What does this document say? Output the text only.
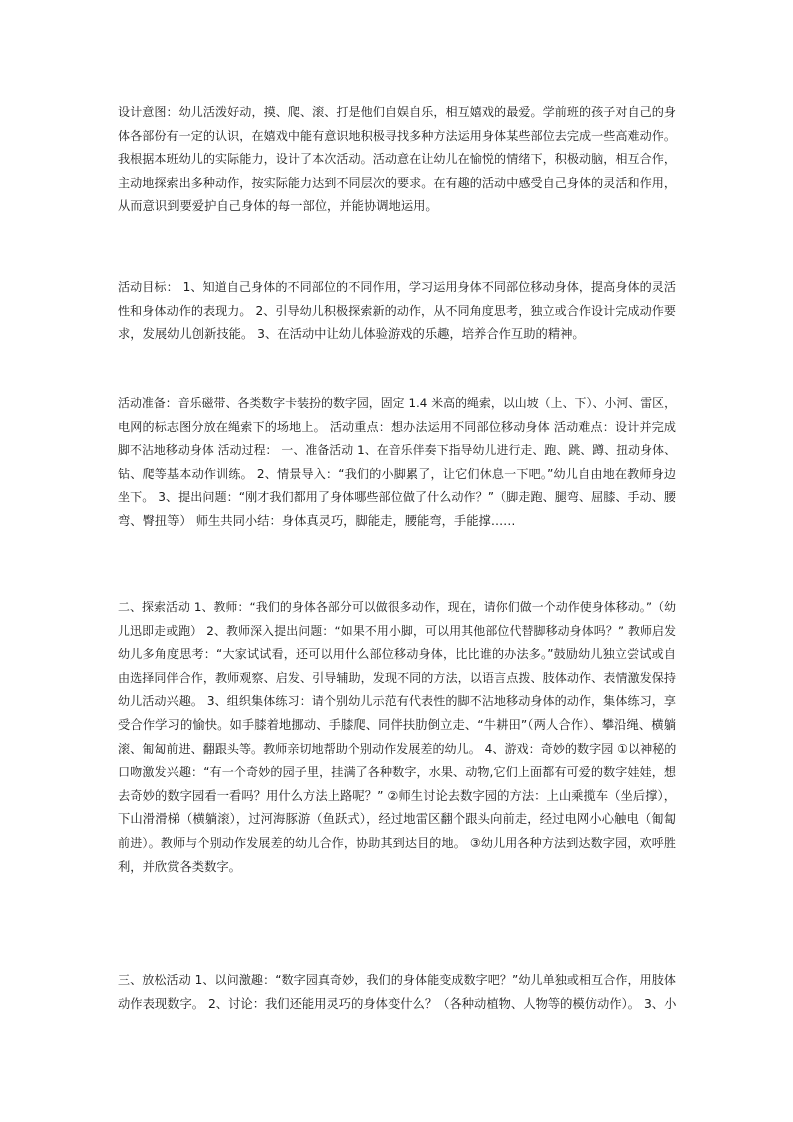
设计意图：幼儿活泼好动，摸、爬、滚、打是他们自娱自乐，相互嬉戏的最爱。学前班的孩子对自己的身
体各部份有一定的认识，在嬉戏中能有意识地积极寻找多种方法运用身体某些部位去完成一些高难动作。
我根据本班幼儿的实际能力，设计了本次活动。活动意在让幼儿在愉悦的情绪下，积极动脑，相互合作，
主动地探索出多种动作，按实际能力达到不同层次的要求。在有趣的活动中感受自己身体的灵活和作用，
从而意识到要爱护自己身体的每一部位，并能协调地运用。
活动目标： 1、知道自己身体的不同部位的不同作用，学习运用身体不同部位移动身体，提高身体的灵活
性和身体动作的表现力。 2、引导幼儿积极探索新的动作，从不同角度思考，独立或合作设计完成动作要
求，发展幼儿创新技能。 3、在活动中让幼儿体验游戏的乐趣，培养合作互助的精神。
活动准备：音乐磁带、各类数字卡装扮的数字园，固定 1.4 米高的绳索，以山坡（上、下）、小河、雷区，
电网的标志图分放在绳索下的场地上。 活动重点：想办法运用不同部位移动身体 活动难点：设计并完成
脚不沾地移动身体 活动过程： 一、准备活动 1、在音乐伴奏下指导幼儿进行走、跑、跳、蹲、扭动身体、
钻、爬等基本动作训练。 2、情景导入：“我们的小脚累了，让它们休息一下吧。”幼儿自由地在教师身边
坐下。 3、提出问题：“刚才我们都用了身体哪些部位做了什么动作？”（脚走跑、腿弯、屈膝、手动、腰
弯、臀扭等） 师生共同小结：身体真灵巧，脚能走，腰能弯，手能撑……
二、探索活动 1、教师：“我们的身体各部分可以做很多动作，现在，请你们做一个动作使身体移动。”（幼
儿迅即走或跑） 2、教师深入提出问题：“如果不用小脚，可以用其他部位代替脚移动身体吗？” 教师启发
幼儿多角度思考：“大家试试看，还可以用什么部位移动身体，比比谁的办法多。”鼓励幼儿独立尝试或自
由选择同伴合作，教师观察、启发、引导辅助，发现不同的方法，以语言点拨、肢体动作、表情激发保持
幼儿活动兴趣。 3、组织集体练习：请个别幼儿示范有代表性的脚不沾地移动身体的动作，集体练习，享
受合作学习的愉快。如手膝着地挪动、手膝爬、同伴扶肋倒立走、“牛耕田”（两人合作）、攀沿绳、横躺
滚、匍匐前进、翻跟头等。教师亲切地帮助个别动作发展差的幼儿。 4、游戏：奇妙的数字园 ①以神秘的
口吻激发兴趣：“有一个奇妙的园子里，挂满了各种数字，水果、动物,它们上面都有可爱的数字娃娃，想
去奇妙的数字园看一看吗？用什么方法上路呢？” ②师生讨论去数字园的方法：上山乘揽车（坐后撑），
下山滑滑梯（横躺滚），过河海豚游（鱼跃式），经过地雷区翻个跟头向前走，经过电网小心触电（匍匐
前进）。教师与个别动作发展差的幼儿合作，协助其到达目的地。 ③幼儿用各种方法到达数字园，欢呼胜
利，并欣赏各类数字。
三、放松活动 1、以问激趣：“数字园真奇妙，我们的身体能变成数字吧？”幼儿单独或相互合作，用肢体
动作表现数字。 2、讨论：我们还能用灵巧的身体变什么？（各种动植物、人物等的模仿动作）。 3、小
